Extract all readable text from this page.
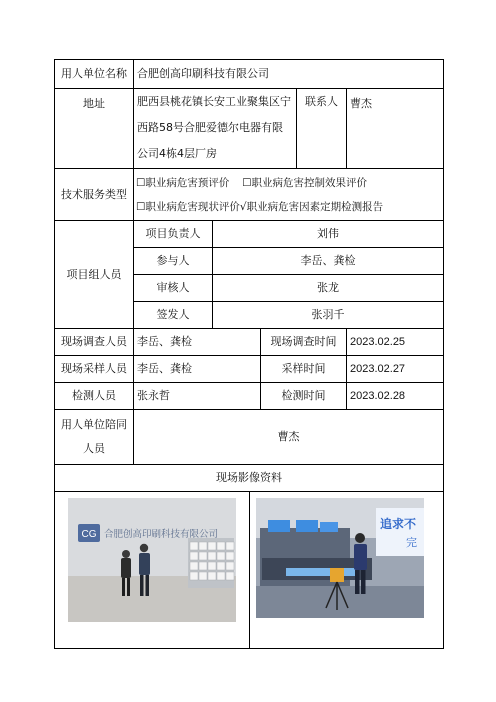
用人单位名称	合肥创高印刷科技有限公司				
地址	肥西县桃花镇长安工业聚集区宁西路58号合肥爱德尔电器有限公司4栋4层厂房			联系人	曹杰
技术服务类型	☐职业病危害预评价 ☐职业病危害控制效果评价
☐职业病危害现状评价√职业病危害因素定期检测报告				

项目组人员	项目负责人	刘伟			
	参与人	李岳、龚检			
	审核人	张龙			
	签发人	张羽千			
现场调查人员	李岳、龚检		现场调查时间		2023.02.25
现场采样人员	李岳、龚检		采样时间		2023.02.27
检测人员	张永哲		检测时间		2023.02.28
用人单位陪同人员	曹杰				
现场影像资料					

CG 合肥创高印刷科技有限公司
追求不
完					
